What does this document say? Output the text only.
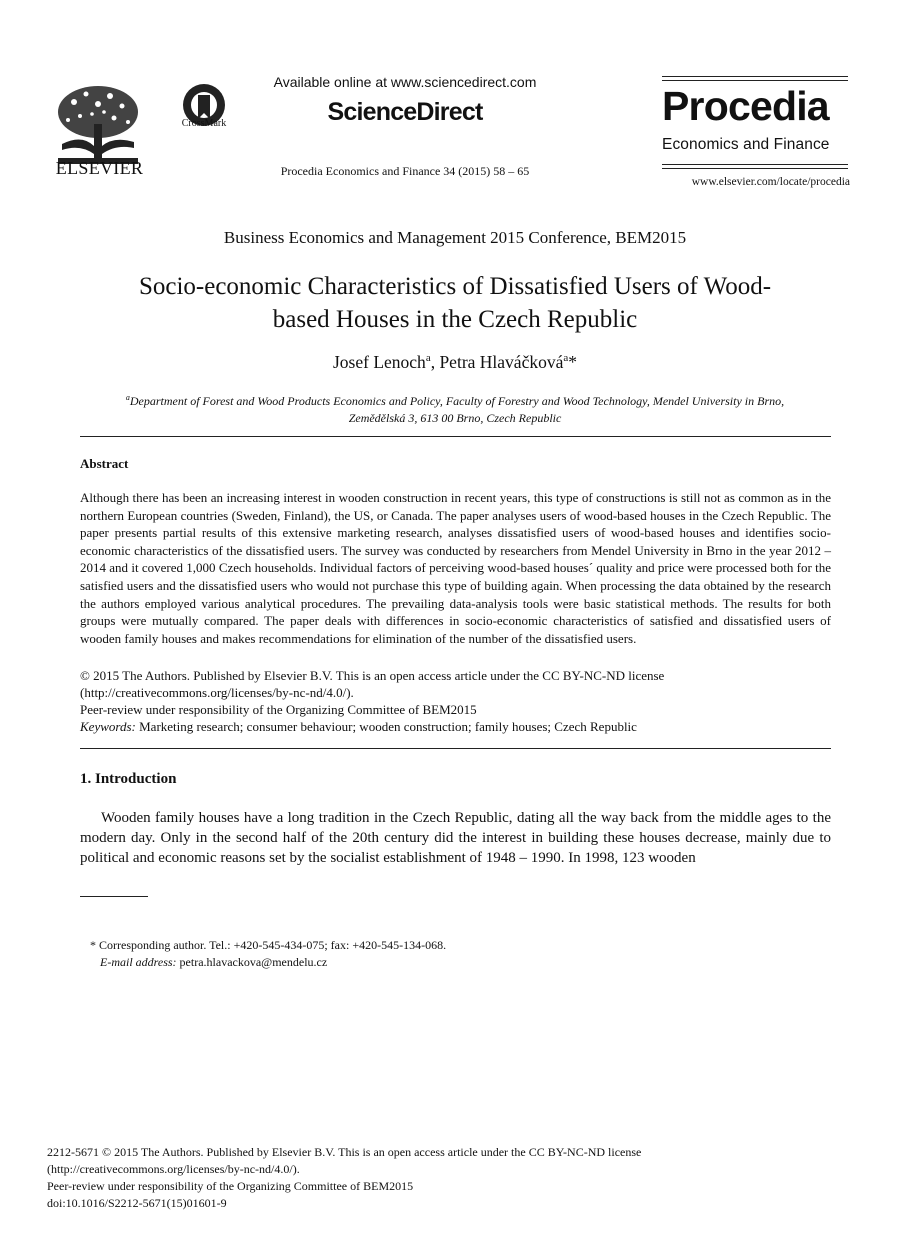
ELSEVIER
CrossMark
Available online at www.sciencedirect.com
ScienceDirect
Procedia Economics and Finance 34 (2015) 58 – 65
Procedia
Economics and Finance
www.elsevier.com/locate/procedia
Business Economics and Management 2015 Conference, BEM2015
Socio-economic Characteristics of Dissatisfied Users of Wood-
based Houses in the Czech Republic
Josef Lenoch$^a$, Petra Hlaváčková$^a$*
$^a$Department of Forest and Wood Products Economics and Policy, Faculty of Forestry and Wood Technology, Mendel University in Brno,
Zemědělská 3, 613 00 Brno, Czech Republic
Abstract
Although there has been an increasing interest in wooden construction in recent years, this type of constructions is still not as common as in the northern European countries (Sweden, Finland), the US, or Canada. The paper analyses users of wood-based houses in the Czech Republic. The paper presents partial results of this extensive marketing research, analyses dissatisfied users of wood-based houses and identifies socio-economic characteristics of the dissatisfied users. The survey was conducted by researchers from Mendel University in Brno in the year 2012 – 2014 and it covered 1,000 Czech households. Individual factors of perceiving wood-based houses´ quality and price were processed both for the satisfied users and the dissatisfied users who would not purchase this type of building again. When processing the data obtained by the research the authors employed various analytical procedures. The prevailing data-analysis tools were basic statistical methods. The results for both groups were mutually compared. The paper deals with differences in socio-economic characteristics of satisfied and dissatisfied users of wooden family houses and makes recommendations for elimination of the number of the dissatisfied users.
© 2015 The Authors. Published by Elsevier B.V. This is an open access article under the CC BY-NC-ND license
(http://creativecommons.org/licenses/by-nc-nd/4.0/).
Peer-review under responsibility of the Organizing Committee of BEM2015
Keywords: Marketing research; consumer behaviour; wooden construction; family houses; Czech Republic
1. Introduction

Wooden family houses have a long tradition in the Czech Republic, dating all the way back from the middle ages to the modern day. Only in the second half of the 20th century did the interest in building these houses decrease, mainly due to political and economic reasons set by the socialist establishment of 1948 – 1990. In 1998, 123 wooden

* Corresponding author. Tel.: +420-545-434-075; fax: +420-545-134-068.
E-mail address: petra.hlavackova@mendelu.cz
2212-5671 © 2015 The Authors. Published by Elsevier B.V. This is an open access article under the CC BY-NC-ND license
(http://creativecommons.org/licenses/by-nc-nd/4.0/).
Peer-review under responsibility of the Organizing Committee of BEM2015
doi:10.1016/S2212-5671(15)01601-9
